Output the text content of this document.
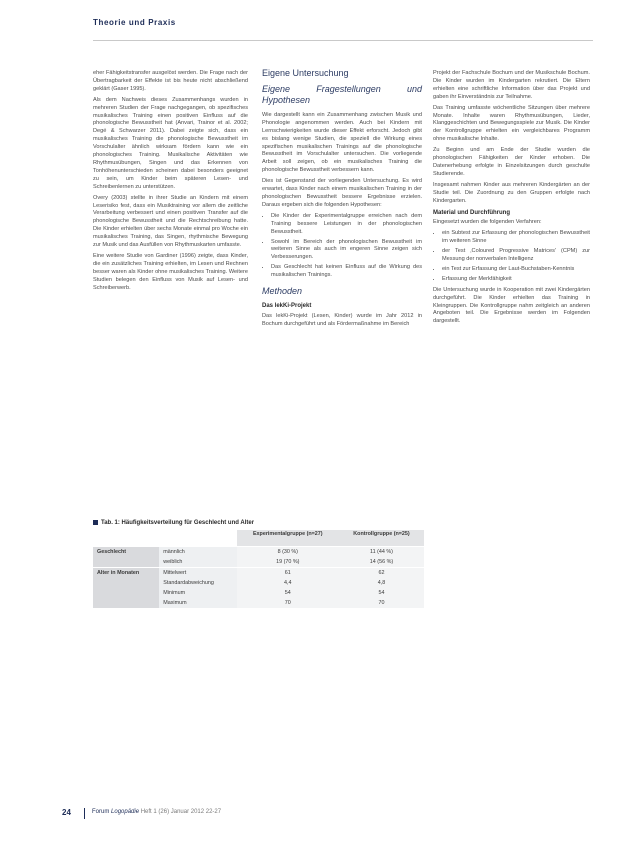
Theorie und Praxis

eher Fähigkeitstransfer ausgelöst werden. Die Frage nach der Übertragbarkeit der Effekte ist bis heute nicht abschließend geklärt (Gaser 1995).

Als dem Nachweis dieses Zusammenhangs wurden in mehreren Studien der Frage nachgegangen, ob spezifisches musikalisches Training einen positiven Einfluss auf die phonologische Bewusstheit hat (Anvari, Trainor et al. 2002; Degé & Schwarzer 2011). Dabei zeigte sich, dass ein musikalisches Training die phonologische Bewusstheit im Vorschulalter ähnlich wirksam fördern kann wie ein phonologisches Training. Musikalische Aktivitäten wie Rhythmusübungen, Singen und das Erkennen von Tonhöhenunterschieden scheinen dabei besonders geeignet zu sein, um Kinder beim späteren Lesen- und Schreibenlernen zu unterstützen.

Overy (2003) stellte in ihrer Studie an Kindern mit einem Leserisiko fest, dass ein Musiktraining vor allem die zeitliche Verarbeitung verbessert und einen positiven Transfer auf die phonologische Bewusstheit und die Rechtschreibung hatte. Die Kinder erhielten über sechs Monate einmal pro Woche ein musikalisches Training, das Singen, rhythmische Bewegung zur Musik und das Ausfüllen von Rhythmuskarten umfasste.

Eine weitere Studie von Gardiner (1996) zeigte, dass Kinder, die ein zusätzliches Training erhielten, im Lesen und Rechnen besser waren als Kinder ohne musikalisches Training. Weitere Studien belegen den Einfluss von Musik auf Lesen- und Schreiberwerb.

Eigene Untersuchung
Eigene Fragestellungen und Hypothesen

Wie dargestellt kann ein Zusammenhang zwischen Musik und Phonologie angenommen werden. Auch bei Kindern mit Lernschwierigkeiten wurde dieser Effekt erforscht. Jedoch gibt es bislang wenige Studien, die speziell die Wirkung eines spezifischen musikalischen Trainings auf die phonologische Bewusstheit im Vorschulalter untersuchen. Die vorliegende Arbeit soll zeigen, ob ein musikalisches Training die phonologische Bewusstheit verbessern kann.

Dies ist Gegenstand der vorliegenden Untersuchung. Es wird erwartet, dass Kinder nach einem musikalischen Training in der phonologischen Bewusstheit bessere Ergebnisse erzielen. Daraus ergeben sich die folgenden Hypothesen:

• Die Kinder der Experimentalgruppe erreichen nach dem Training bessere Leistungen in der phonologischen Bewusstheit.
• Sowohl im Bereich der phonologischen Bewusstheit im weiteren Sinne als auch im engeren Sinne zeigen sich Verbesserungen.
• Das Geschlecht hat keinen Einfluss auf die Wirkung des musikalischen Trainings.
Methoden
Das lekKi-Projekt

Das lekKi-Projekt (Lesen, Kinder) wurde im Jahr 2012 in Bochum durchgeführt und als Fördermaßnahme im Bereich

Projekt der Fachschule Bochum und der Musikschule Bochum. Die Kinder wurden im Kindergarten rekrutiert. Die Eltern erhielten eine schriftliche Information über das Projekt und gaben ihr Einverständnis zur Teilnahme.

Das Training umfasste wöchentliche Sitzungen über mehrere Monate. Inhalte waren Rhythmusübungen, Lieder, Klanggeschichten und Bewegungsspiele zur Musik. Die Kinder der Kontrollgruppe erhielten ein vergleichbares Programm ohne musikalische Inhalte.

Zu Beginn und am Ende der Studie wurden die phonologischen Fähigkeiten der Kinder erhoben. Die Datenerhebung erfolgte in Einzelsitzungen durch geschulte Studierende.

Insgesamt nahmen Kinder aus mehreren Kindergärten an der Studie teil. Die Zuordnung zu den Gruppen erfolgte nach Kindergarten.

Material und Durchführung

Eingesetzt wurden die folgenden Verfahren:

• ein Subtest zur Erfassung der phonologischen Bewusstheit im weiteren Sinne
• der Test ‚Coloured Progressive Matrices' (CPM) zur Messung der nonverbalen Intelligenz
• ein Test zur Erfassung der Laut-Buchstaben-Kenntnis
• Erfassung der Merkfähigkeit

Die Untersuchung wurde in Kooperation mit zwei Kindergärten durchgeführt. Die Kinder erhielten das Training in Kleingruppen. Die Kontrollgruppe nahm zeitgleich an anderen Angeboten teil. Die Ergebnisse werden im Folgenden dargestellt.

Tab. 1: Häufigkeitsverteilung für Geschlecht und Alter
		Experimentalgruppe (n=27)	Kontrollgruppe (n=25)
Geschlecht	männlich	8 (30 %)	11 (44 %)
	weiblich	19 (70 %)	14 (56 %)
Alter in Monaten	Mittelwert	61	62
	Standardabweichung	4,4	4,8
	Minimum	54	54
	Maximum	70	70
24	Forum Logopädie Heft 1 (26) Januar 2012 22-27
